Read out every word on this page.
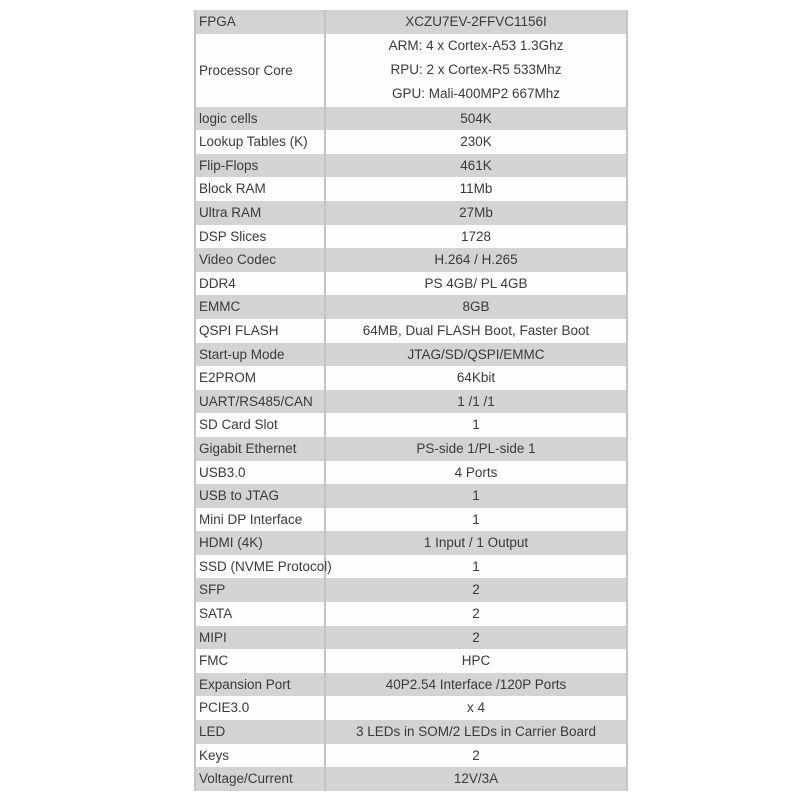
FPGA	XCZU7EV-2FFVC1156I
Processor Core	ARM: 4 x Cortex-A53 1.3Ghz
RPU: 2 x Cortex-R5 533Mhz
GPU: Mali-400MP2 667Mhz

logic cells	504K
Lookup Tables (K)	230K
Flip-Flops	461K
Block RAM	11Mb
Ultra RAM	27Mb
DSP Slices	1728
Video Codec	H.264 / H.265
DDR4	PS 4GB/ PL 4GB
EMMC	8GB
QSPI FLASH	64MB, Dual FLASH Boot, Faster Boot
Start-up Mode	JTAG/SD/QSPI/EMMC
E2PROM	64Kbit
UART/RS485/CAN	1 /1 /1
SD Card Slot	1
Gigabit Ethernet	PS-side 1/PL-side 1
USB3.0	4 Ports
USB to JTAG	1
Mini DP Interface	1
HDMI (4K)	1 Input / 1 Output
SSD (NVME Protocol)	1
SFP	2
SATA	2
MIPI	2
FMC	HPC
Expansion Port	40P2.54 Interface /120P Ports
PCIE3.0	x 4
LED	3 LEDs in SOM/2 LEDs in Carrier Board
Keys	2
Voltage/Current	12V/3A
